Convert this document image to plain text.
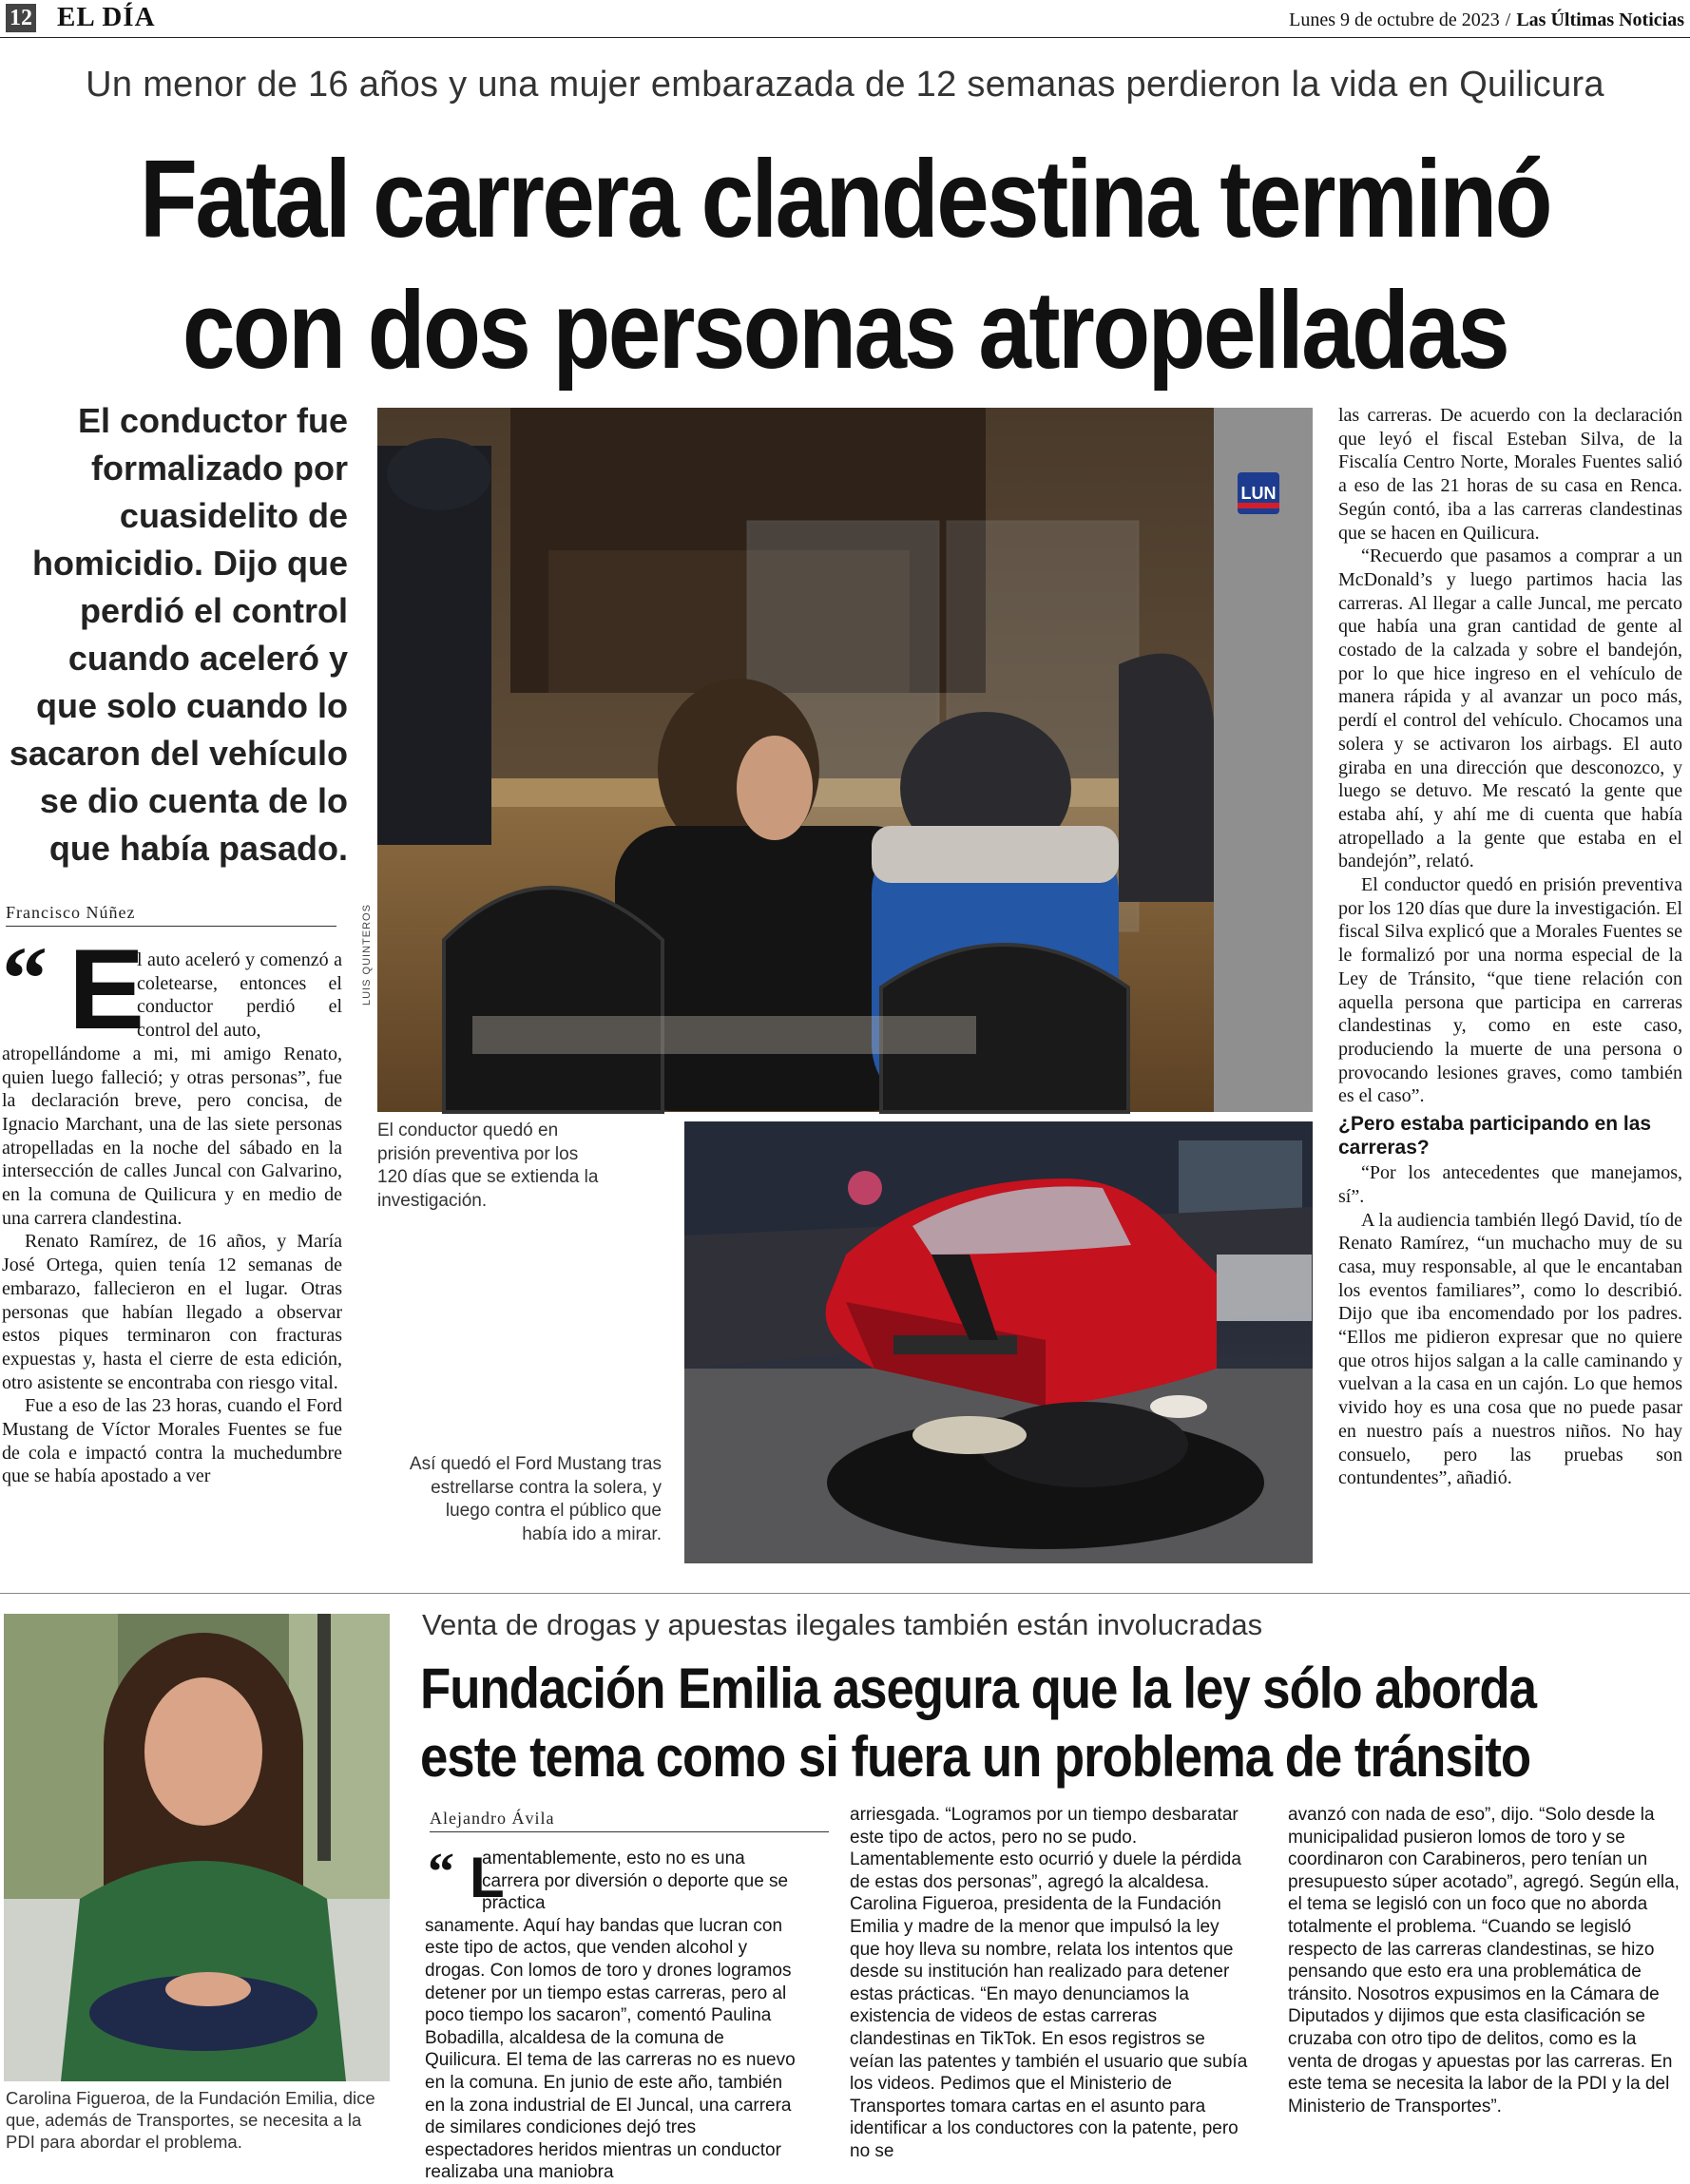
12 EL DÍA	Lunes 9 de octubre de 2023 / Las Últimas Noticias
Un menor de 16 años y una mujer embarazada de 12 semanas perdieron la vida en Quilicura
Fatal carrera clandestina terminó
con dos personas atropelladas
El conductor fue formalizado por cuasidelito de homicidio. Dijo que perdió el control cuando aceleró y que solo cuando lo sacaron del vehículo se dio cuenta de lo que había pasado.
Francisco Núñez
“ E

l auto aceleró y comenzó a coletearse, entonces el conductor perdió el control del auto,

atropellándome a mi, mi amigo Renato, quien luego falleció; y otras personas”, fue la declaración breve, pero concisa, de Ignacio Marchant, una de las siete personas atropelladas en la noche del sábado en la intersección de calles Juncal con Galvarino, en la comuna de Quilicura y en medio de una carrera clandestina.

Renato Ramírez, de 16 años, y María José Ortega, quien tenía 12 semanas de embarazo, fallecieron en el lugar. Otras personas que habían llegado a observar estos piques terminaron con fracturas expuestas y, hasta el cierre de esta edición, otro asistente se encontraba con riesgo vital.

Fue a eso de las 23 horas, cuando el Ford Mustang de Víctor Morales Fuentes se fue de cola e impactó contra la muchedumbre que se había apostado a ver

LUN
LUIS QUINTEROS
El conductor quedó en prisión preventiva por los 120 días que se extienda la investigación.
Así quedó el Ford Mustang tras estrellarse contra la solera, y luego contra el público que había ido a mirar.

las carreras. De acuerdo con la declaración que leyó el fiscal Esteban Silva, de la Fiscalía Centro Norte, Morales Fuentes salió a eso de las 21 horas de su casa en Renca. Según contó, iba a las carreras clandestinas que se hacen en Quilicura.

“Recuerdo que pasamos a comprar a un McDonald’s y luego partimos hacia las carreras. Al llegar a calle Juncal, me percato que había una gran cantidad de gente al costado de la calzada y sobre el bandejón, por lo que hice ingreso en el vehículo de manera rápida y al avanzar un poco más, perdí el control del vehículo. Chocamos una solera y se activaron los airbags. El auto giraba en una dirección que desconozco, y luego se detuvo. Me rescató la gente que estaba ahí, y ahí me di cuenta que había atropellado a la gente que estaba en el bandejón”, relató.

El conductor quedó en prisión preventiva por los 120 días que dure la investigación. El fiscal Silva explicó que a Morales Fuentes se le formalizó por una norma especial de la Ley de Tránsito, “que tiene relación con aquella persona que participa en carreras clandestinas y, como en este caso, produciendo la muerte de una persona o provocando lesiones graves, como también es el caso”.

¿Pero estaba participando en las carreras?

“Por los antecedentes que manejamos, sí”.

A la audiencia también llegó David, tío de Renato Ramírez, “un muchacho muy de su casa, muy responsable, al que le encantaban los eventos familiares”, como lo describió. Dijo que iba encomendado por los padres. “Ellos me pidieron expresar que no quiere que otros hijos salgan a la calle caminando y vuelvan a la casa en un cajón. Lo que hemos vivido hoy es una cosa que no puede pasar en nuestro país a nuestros niños. No hay consuelo, pero las pruebas son contundentes”, añadió.

Carolina Figueroa, de la Fundación Emilia, dice que, además de Transportes, se necesita a la PDI para abordar el problema.
Venta de drogas y apuestas ilegales también están involucradas
Fundación Emilia asegura que la ley sólo aborda
este tema como si fuera un problema de tránsito
Alejandro Ávila
“ L

amentablemente, esto no es una carrera por diversión o deporte que se practica

sanamente. Aquí hay bandas que lucran con este tipo de actos, que venden alcohol y drogas. Con lomos de toro y drones logramos detener por un tiempo estas carreras, pero al poco tiempo los sacaron”, comentó Paulina Bobadilla, alcaldesa de la comuna de Quilicura. El tema de las carreras no es nuevo en la comuna. En junio de este año, también en la zona industrial de El Juncal, una carrera de similares condiciones dejó tres espectadores heridos mientras un conductor realizaba una maniobra

arriesgada. “Logramos por un tiempo desbaratar este tipo de actos, pero no se pudo. Lamentablemente esto ocurrió y duele la pérdida de estas dos personas”, agregó la alcaldesa. Carolina Figueroa, presidenta de la Fundación Emilia y madre de la menor que impulsó la ley que hoy lleva su nombre, relata los intentos que desde su institución han realizado para detener estas prácticas. “En mayo denunciamos la existencia de videos de estas carreras clandestinas en TikTok. En esos registros se veían las patentes y también el usuario que subía los videos. Pedimos que el Ministerio de Transportes tomara cartas en el asunto para identificar a los conductores con la patente, pero no se
avanzó con nada de eso”, dijo. “Solo desde la municipalidad pusieron lomos de toro y se coordinaron con Carabineros, pero tenían un presupuesto súper acotado”, agregó. Según ella, el tema se legisló con un foco que no aborda totalmente el problema. “Cuando se legisló respecto de las carreras clandestinas, se hizo pensando que esto era una problemática de tránsito. Nosotros expusimos en la Cámara de Diputados y dijimos que esta clasificación se cruzaba con otro tipo de delitos, como es la venta de drogas y apuestas por las carreras. En este tema se necesita la labor de la PDI y la del Ministerio de Transportes”.
